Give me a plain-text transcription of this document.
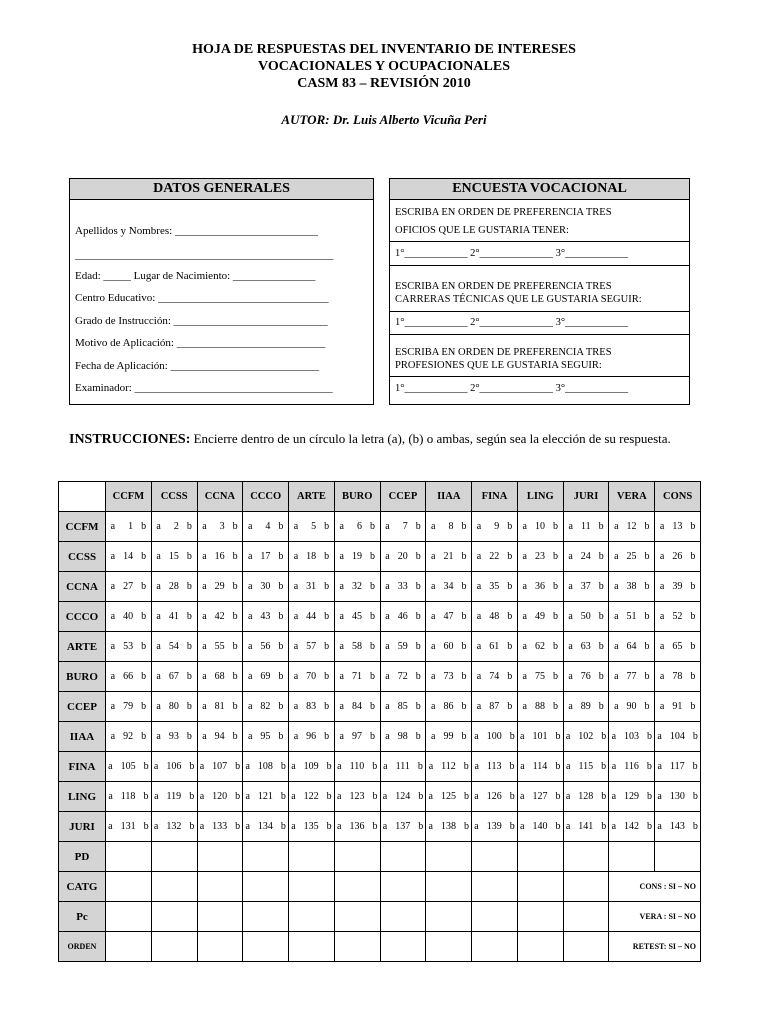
HOJA DE RESPUESTAS DEL INVENTARIO DE INTERESES
VOCACIONALES Y OCUPACIONALES
CASM 83 – REVISIÓN 2010
AUTOR: Dr. Luis Alberto Vicuña Peri
DATOS GENERALES
Apellidos y Nombres: __________________________
_______________________________________________
Edad: _____ Lugar de Nacimiento: _______________
Centro Educativo: _______________________________
Grado de Instrucción: ____________________________
Motivo de Aplicación: ___________________________
Fecha de Aplicación: ___________________________
Examinador: ____________________________________
ENCUESTA VOCACIONAL
ESCRIBA EN ORDEN DE PREFERENCIA TRES
OFICIOS QUE LE GUSTARIA TENER:
1°____________ 2°______________ 3°____________
ESCRIBA EN ORDEN DE PREFERENCIA TRES
CARRERAS TÉCNICAS QUE LE GUSTARIA SEGUIR:
1°____________ 2°______________ 3°____________
ESCRIBA EN ORDEN DE PREFERENCIA TRES
PROFESIONES QUE LE GUSTARIA SEGUIR:
1°____________ 2°______________ 3°____________
INSTRUCCIONES: Encierre dentro de un círculo la letra (a), (b) o ambas, según sea la elección de su respuesta.
	CCFM	CCSS	CCNA	CCCO	ARTE	BURO	CCEP	IIAA	FINA	LING	JURI	VERA	CONS
CCFM	a 1 b	a 2 b	a 3 b	a 4 b	a 5 b	a 6 b	a 7 b	a 8 b	a 9 b	a 10 b	a 11 b	a 12 b	a 13 b
CCSS	a 14 b	a 15 b	a 16 b	a 17 b	a 18 b	a 19 b	a 20 b	a 21 b	a 22 b	a 23 b	a 24 b	a 25 b	a 26 b
CCNA	a 27 b	a 28 b	a 29 b	a 30 b	a 31 b	a 32 b	a 33 b	a 34 b	a 35 b	a 36 b	a 37 b	a 38 b	a 39 b
CCCO	a 40 b	a 41 b	a 42 b	a 43 b	a 44 b	a 45 b	a 46 b	a 47 b	a 48 b	a 49 b	a 50 b	a 51 b	a 52 b
ARTE	a 53 b	a 54 b	a 55 b	a 56 b	a 57 b	a 58 b	a 59 b	a 60 b	a 61 b	a 62 b	a 63 b	a 64 b	a 65 b
BURO	a 66 b	a 67 b	a 68 b	a 69 b	a 70 b	a 71 b	a 72 b	a 73 b	a 74 b	a 75 b	a 76 b	a 77 b	a 78 b
CCEP	a 79 b	a 80 b	a 81 b	a 82 b	a 83 b	a 84 b	a 85 b	a 86 b	a 87 b	a 88 b	a 89 b	a 90 b	a 91 b
IIAA	a 92 b	a 93 b	a 94 b	a 95 b	a 96 b	a 97 b	a 98 b	a 99 b	a 100 b	a 101 b	a 102 b	a 103 b	a 104 b
FINA	a 105 b	a 106 b	a 107 b	a 108 b	a 109 b	a 110 b	a 111 b	a 112 b	a 113 b	a 114 b	a 115 b	a 116 b	a 117 b
LING	a 118 b	a 119 b	a 120 b	a 121 b	a 122 b	a 123 b	a 124 b	a 125 b	a 126 b	a 127 b	a 128 b	a 129 b	a 130 b
JURI	a 131 b	a 132 b	a 133 b	a 134 b	a 135 b	a 136 b	a 137 b	a 138 b	a 139 b	a 140 b	a 141 b	a 142 b	a 143 b
PD													
CATG												CONS : SI – NO	
Pc												VERA : SI – NO	
ORDEN												RETEST: SI – NO	
